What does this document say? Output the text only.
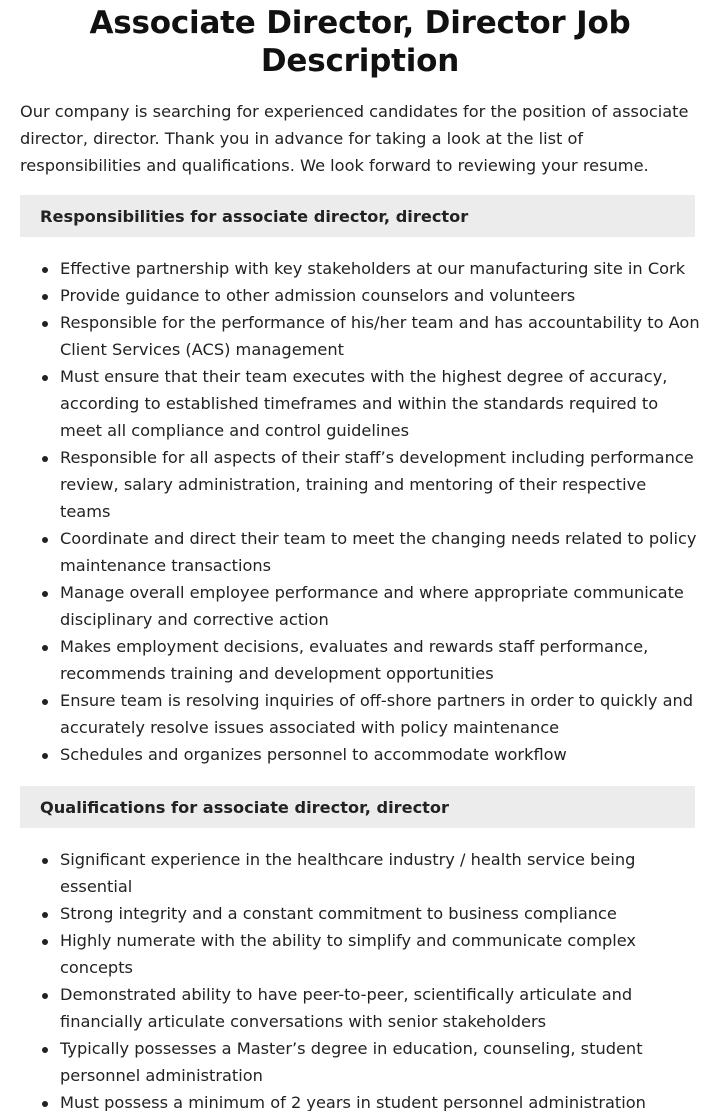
Associate Director, Director Job Description

Our company is searching for experienced candidates for the position of associate director, director. Thank you in advance for taking a look at the list of responsibilities and qualifications. We look forward to reviewing your resume.

Responsibilities for associate director, director
Effective partnership with key stakeholders at our manufacturing site in Cork
Provide guidance to other admission counselors and volunteers
Responsible for the performance of his/her team and has accountability to Aon Client Services (ACS) management
Must ensure that their team executes with the highest degree of accuracy, according to established timeframes and within the standards required to meet all compliance and control guidelines
Responsible for all aspects of their staff’s development including performance review, salary administration, training and mentoring of their respective teams
Coordinate and direct their team to meet the changing needs related to policy maintenance transactions
Manage overall employee performance and where appropriate communicate disciplinary and corrective action
Makes employment decisions, evaluates and rewards staff performance, recommends training and development opportunities
Ensure team is resolving inquiries of off-shore partners in order to quickly and accurately resolve issues associated with policy maintenance
Schedules and organizes personnel to accommodate workflow
Qualifications for associate director, director
Significant experience in the healthcare industry / health service being essential
Strong integrity and a constant commitment to business compliance
Highly numerate with the ability to simplify and communicate complex concepts
Demonstrated ability to have peer-to-peer, scientifically articulate and financially articulate conversations with senior stakeholders
Typically possesses a Master’s degree in education, counseling, student personnel administration
Must possess a minimum of 2 years in student personnel administration
